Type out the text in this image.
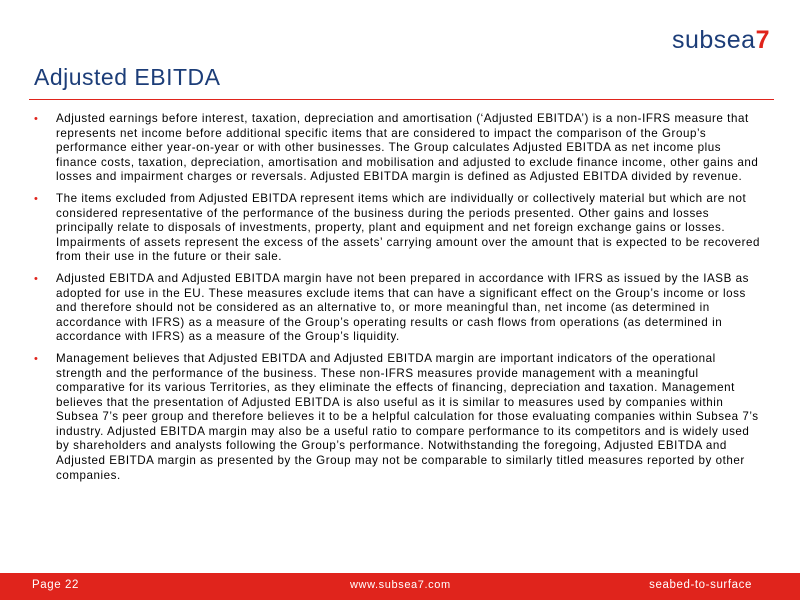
subsea7
Adjusted EBITDA
• Adjusted earnings before interest, taxation, depreciation and amortisation (‘Adjusted EBITDA’) is a non-IFRS measure that represents net income before additional specific items that are considered to impact the comparison of the Group’s performance either year-on-year or with other businesses. The Group calculates Adjusted EBITDA as net income plus finance costs, taxation, depreciation, amortisation and mobilisation and adjusted to exclude finance income, other gains and losses and impairment charges or reversals. Adjusted EBITDA margin is defined as Adjusted EBITDA divided by revenue.
• The items excluded from Adjusted EBITDA represent items which are individually or collectively material but which are not considered representative of the performance of the business during the periods presented. Other gains and losses principally relate to disposals of investments, property, plant and equipment and net foreign exchange gains or losses. Impairments of assets represent the excess of the assets’ carrying amount over the amount that is expected to be recovered from their use in the future or their sale.
• Adjusted EBITDA and Adjusted EBITDA margin have not been prepared in accordance with IFRS as issued by the IASB as adopted for use in the EU. These measures exclude items that can have a significant effect on the Group’s income or loss and therefore should not be considered as an alternative to, or more meaningful than, net income (as determined in accordance with IFRS) as a measure of the Group’s operating results or cash flows from operations (as determined in accordance with IFRS) as a measure of the Group’s liquidity.
• Management believes that Adjusted EBITDA and Adjusted EBITDA margin are important indicators of the operational strength and the performance of the business. These non-IFRS measures provide management with a meaningful comparative for its various Territories, as they eliminate the effects of financing, depreciation and taxation. Management believes that the presentation of Adjusted EBITDA is also useful as it is similar to measures used by companies within Subsea 7’s peer group and therefore believes it to be a helpful calculation for those evaluating companies within Subsea 7’s industry. Adjusted EBITDA margin may also be a useful ratio to compare performance to its competitors and is widely used by shareholders and analysts following the Group’s performance. Notwithstanding the foregoing, Adjusted EBITDA and Adjusted EBITDA margin as presented by the Group may not be comparable to similarly titled measures reported by other companies.
Page 22	www.subsea7.com	seabed-to-surface
